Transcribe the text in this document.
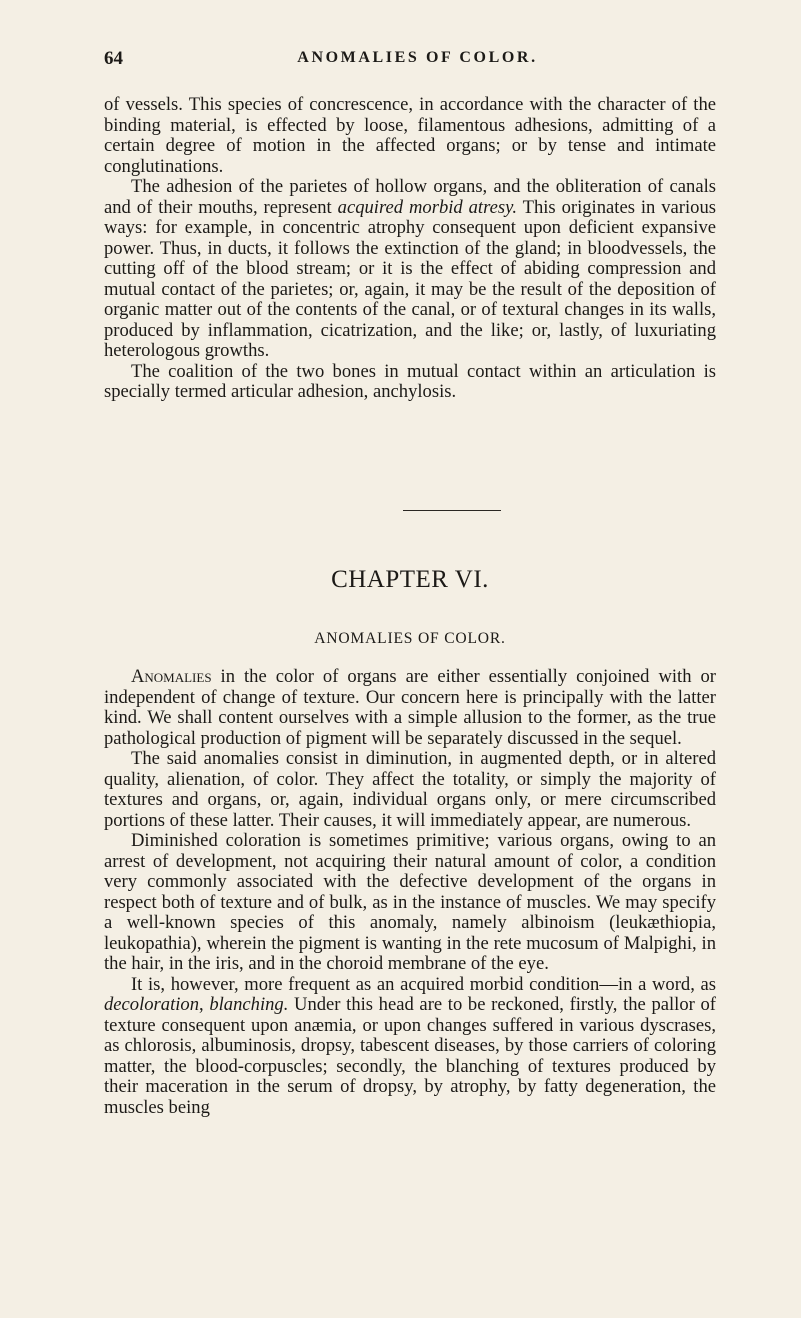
64	ANOMALIES OF COLOR.

of vessels. This species of concrescence, in accordance with the character of the binding material, is effected by loose, filamentous adhesions, admitting of a certain degree of motion in the affected organs; or by tense and intimate conglutinations.

The adhesion of the parietes of hollow organs, and the obliteration of canals and of their mouths, represent acquired morbid atresy. This originates in various ways: for example, in concentric atrophy consequent upon deficient expansive power. Thus, in ducts, it follows the extinction of the gland; in bloodvessels, the cutting off of the blood stream; or it is the effect of abiding compression and mutual contact of the parietes; or, again, it may be the result of the deposition of organic matter out of the contents of the canal, or of textural changes in its walls, produced by inflammation, cicatrization, and the like; or, lastly, of luxuriating heterologous growths.

The coalition of the two bones in mutual contact within an articulation is specially termed articular adhesion, anchylosis.

CHAPTER VI.
ANOMALIES OF COLOR.

Anomalies in the color of organs are either essentially conjoined with or independent of change of texture. Our concern here is principally with the latter kind. We shall content ourselves with a simple allusion to the former, as the true pathological production of pigment will be separately discussed in the sequel.

The said anomalies consist in diminution, in augmented depth, or in altered quality, alienation, of color. They affect the totality, or simply the majority of textures and organs, or, again, individual organs only, or mere circumscribed portions of these latter. Their causes, it will immediately appear, are numerous.

Diminished coloration is sometimes primitive; various organs, owing to an arrest of development, not acquiring their natural amount of color, a condition very commonly associated with the defective development of the organs in respect both of texture and of bulk, as in the instance of muscles. We may specify a well-known species of this anomaly, namely albinoism (leukæthiopia, leukopathia), wherein the pigment is wanting in the rete mucosum of Malpighi, in the hair, in the iris, and in the choroid membrane of the eye.

It is, however, more frequent as an acquired morbid condition—in a word, as decoloration, blanching. Under this head are to be reckoned, firstly, the pallor of texture consequent upon anæmia, or upon changes suffered in various dyscrases, as chlorosis, albuminosis, dropsy, tabescent diseases, by those carriers of coloring matter, the blood-corpuscles; secondly, the blanching of textures produced by their maceration in the serum of dropsy, by atrophy, by fatty degeneration, the muscles being
